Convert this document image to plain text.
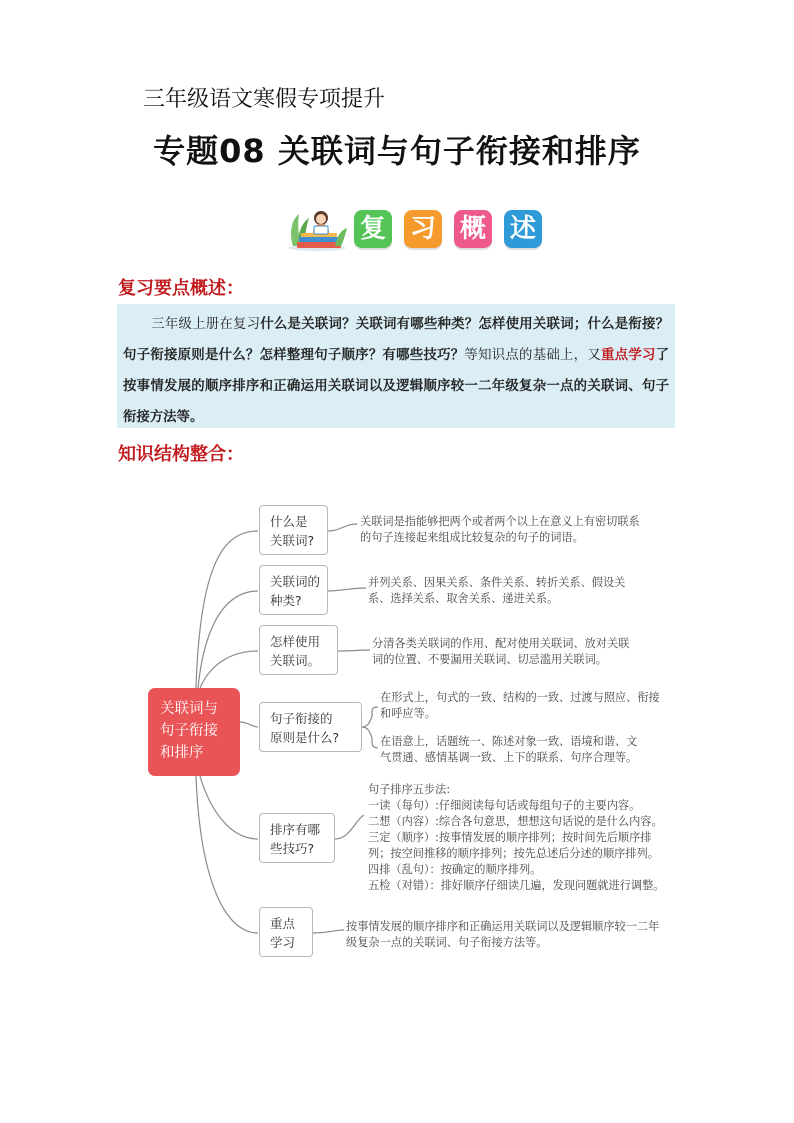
三年级语文寒假专项提升
专题08 关联词与句子衔接和排序
复 习 概 述
复习要点概述：
三年级上册在复习什么是关联词？关联词有哪些种类？怎样使用关联词；什么是衔接？句子衔接原则是什么？怎样整理句子顺序？有哪些技巧？等知识点的基础上，又重点学习了按事情发展的顺序排序和正确运用关联词以及逻辑顺序较一二年级复杂一点的关联词、句子衔接方法等。
知识结构整合：
关联词与
句子衔接
和排序
什么是
关联词?
关联词的
种类?
怎样使用
关联词。
句子衔接的
原则是什么?
排序有哪
些技巧?
重点
学习
关联词是指能够把两个或者两个以上在意义上有密切联系
的句子连接起来组成比较复杂的句子的词语。
并列关系、因果关系、条件关系、转折关系、假设关
系、选择关系、取舍关系、递进关系。
分清各类关联词的作用、配对使用关联词、放对关联
词的位置、不要漏用关联词、切忌滥用关联词。
在形式上，句式的一致、结构的一致、过渡与照应、衔接
和呼应等。
在语意上，话题统一、陈述对象一致、语境和谐、文
气贯通、感情基调一致、上下的联系、句序合理等。
句子排序五步法:
一读（每句）:仔细阅读每句话或每组句子的主要内容。
二想（内容）:综合各句意思，想想这句话说的是什么内容。
三定（顺序）:按事情发展的顺序排列；按时间先后顺序排
列；按空间推移的顺序排列；按先总述后分述的顺序排列。
四排（乱句）：按确定的顺序排列。
五检（对错）：排好顺序仔细读几遍，发现问题就进行调整。
按事情发展的顺序排序和正确运用关联词以及逻辑顺序较一二年
级复杂一点的关联词、句子衔接方法等。
